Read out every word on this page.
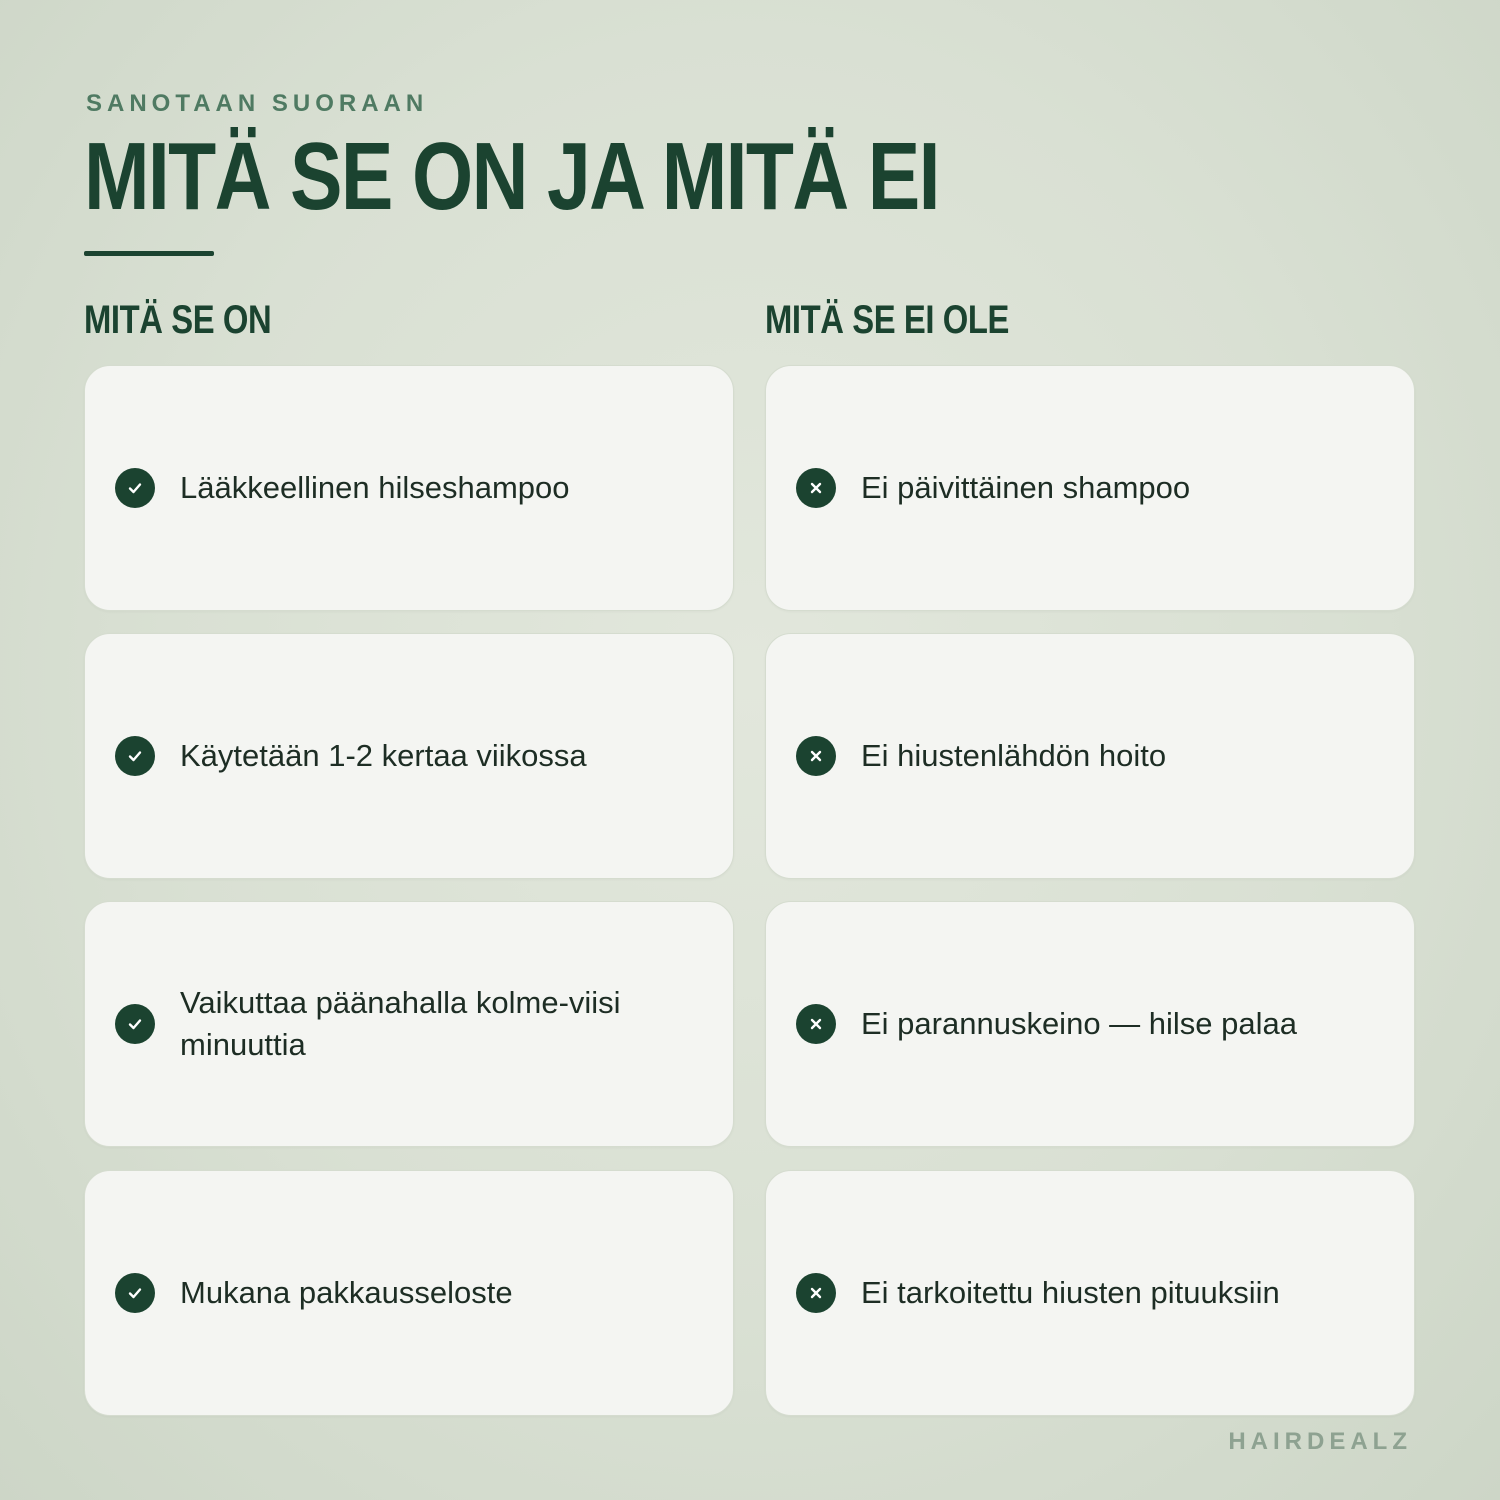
SANOTAAN SUORAAN
MITÄ SE ON JA MITÄ EI
MITÄ SE ON	MITÄ SE EI OLE
Lääkkeellinen hilseshampoo
Käytetään 1-2 kertaa viikossa
Vaikuttaa päänahalla kolme-viisi minuuttia
Mukana pakkausseloste
Ei päivittäinen shampoo
Ei hiustenlähdön hoito
Ei parannuskeino — hilse palaa
Ei tarkoitettu hiusten pituuksiin
HAIRDEALZ
